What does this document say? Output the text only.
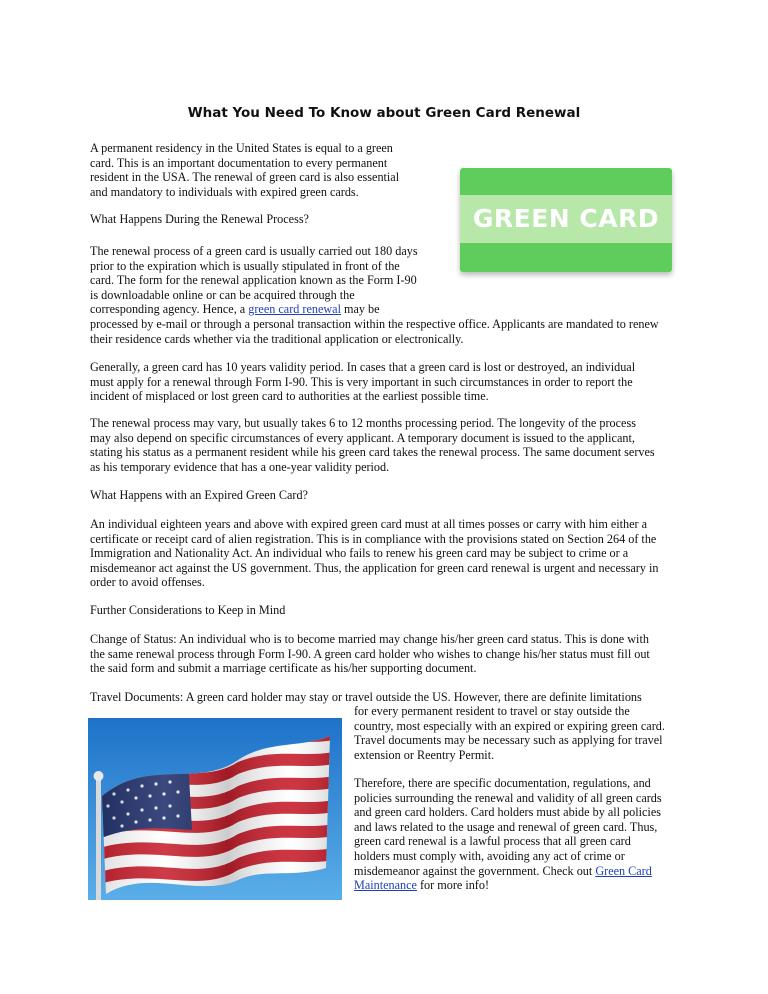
What You Need To Know about Green Card Renewal
A permanent residency in the United States is equal to a green
card. This is an important documentation to every permanent
resident in the USA. The renewal of green card is also essential
and mandatory to individuals with expired green cards.
GREEN CARD
What Happens During the Renewal Process?
The renewal process of a green card is usually carried out 180 days
prior to the expiration which is usually stipulated in front of the
card. The form for the renewal application known as the Form I-90
is downloadable online or can be acquired through the
corresponding agency. Hence, a green card renewal may be
processed by e-mail or through a personal transaction within the respective office. Applicants are mandated to renew
their residence cards whether via the traditional application or electronically.
Generally, a green card has 10 years validity period. In cases that a green card is lost or destroyed, an individual
must apply for a renewal through Form I-90. This is very important in such circumstances in order to report the
incident of misplaced or lost green card to authorities at the earliest possible time.
The renewal process may vary, but usually takes 6 to 12 months processing period. The longevity of the process
may also depend on specific circumstances of every applicant. A temporary document is issued to the applicant,
stating his status as a permanent resident while his green card takes the renewal process. The same document serves
as his temporary evidence that has a one-year validity period.
What Happens with an Expired Green Card?
An individual eighteen years and above with expired green card must at all times posses or carry with him either a
certificate or receipt card of alien registration. This is in compliance with the provisions stated on Section 264 of the
Immigration and Nationality Act. An individual who fails to renew his green card may be subject to crime or a
misdemeanor act against the US government. Thus, the application for green card renewal is urgent and necessary in
order to avoid offenses.
Further Considerations to Keep in Mind
Change of Status: An individual who is to become married may change his/her green card status. This is done with
the same renewal process through Form I-90. A green card holder who wishes to change his/her status must fill out
the said form and submit a marriage certificate as his/her supporting document.
Travel Documents: A green card holder may stay or travel outside the US. However, there are definite limitations
for every permanent resident to travel or stay outside the
country, most especially with an expired or expiring green card.
Travel documents may be necessary such as applying for travel
extension or Reentry Permit.
Therefore, there are specific documentation, regulations, and
policies surrounding the renewal and validity of all green cards
and green card holders. Card holders must abide by all policies
and laws related to the usage and renewal of green card. Thus,
green card renewal is a lawful process that all green card
holders must comply with, avoiding any act of crime or
misdemeanor against the government. Check out Green Card
Maintenance for more info!
